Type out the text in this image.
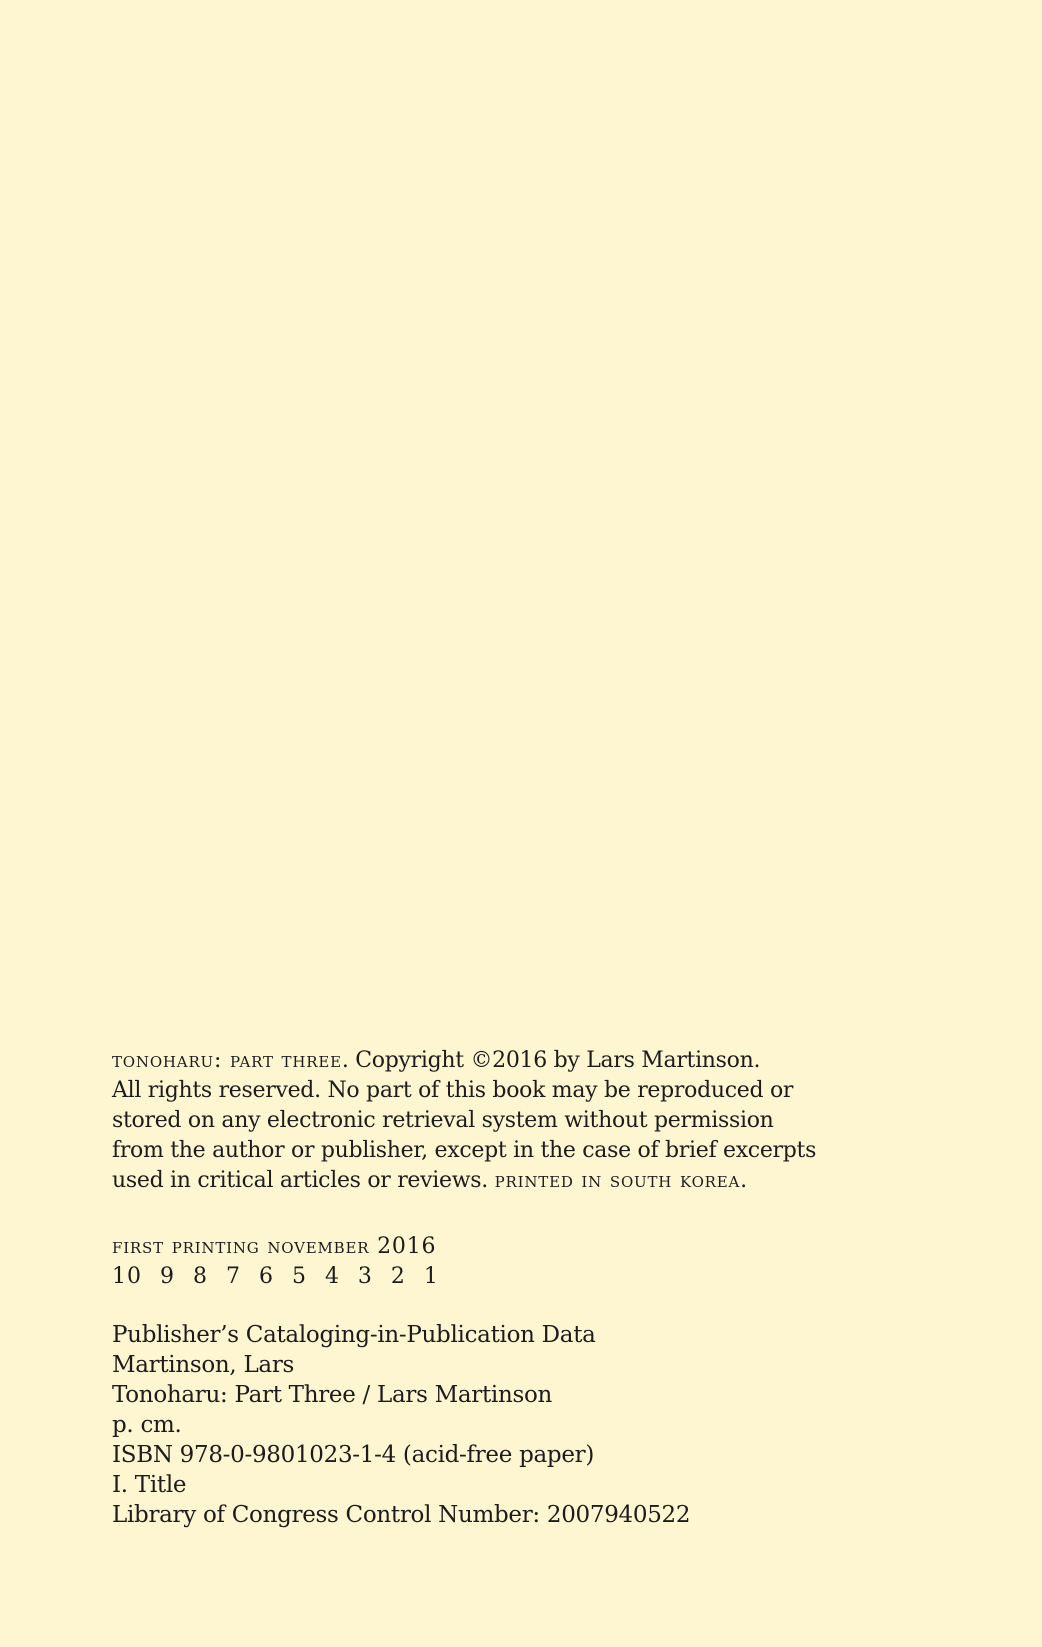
tonoharu: part three. Copyright ©2016 by Lars Martinson.
All rights reserved. No part of this book may be reproduced or
stored on any electronic retrieval system without permission
from the author or publisher, except in the case of brief excerpts
used in critical articles or reviews. printed in south korea.

first printing november 2016
10 9 8 7 6 5 4 3 2 1
Publisher’s Cataloging-in-Publication Data
Martinson, Lars
Tonoharu: Part Three / Lars Martinson
p. cm.
ISBN 978-0-9801023-1-4 (acid-free paper)
I. Title
Library of Congress Control Number: 2007940522
